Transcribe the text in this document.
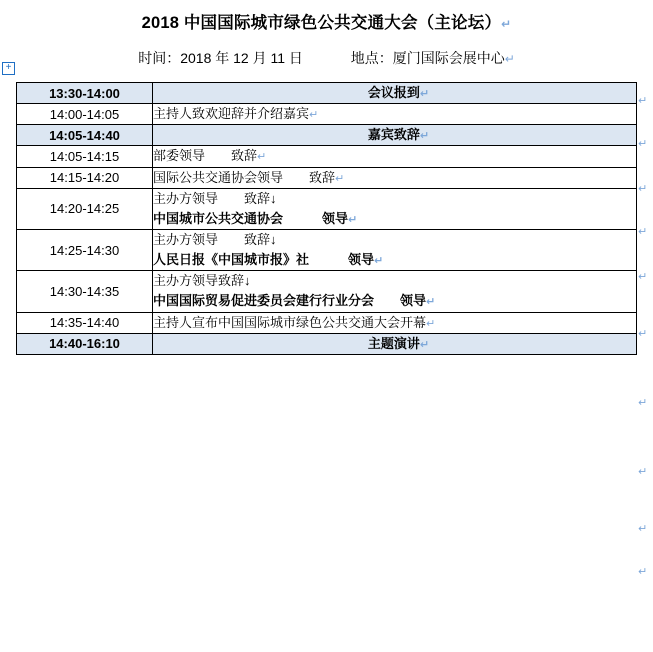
2018 中国国际城市绿色公共交通大会（主论坛）↵
时间：2018 年 12 月 11 日	地点：厦门国际会展中心↵
+
13:30-14:00	会议报到↵

14:00-14:05	主持人致欢迎辞并介绍嘉宾↵

14:05-14:40	嘉宾致辞↵

14:05-14:15	部委领导　　致辞↵

14:15-14:20	国际公共交通协会领导　　致辞↵

14:20-14:25	主办方领导　　致辞↓
中国城市公共交通协会　　　领导↵

14:25-14:30	主办方领导　　致辞↓
人民日报《中国城市报》社　　　领导↵

14:30-14:35	主办方领导致辞↓
中国国际贸易促进委员会建行行业分会　　领导↵

14:35-14:40	主持人宣布中国国际城市绿色公共交通大会开幕↵

14:40-16:10	主题演讲↵
↵
↵
↵
↵
↵
↵
↵
↵
↵
↵
